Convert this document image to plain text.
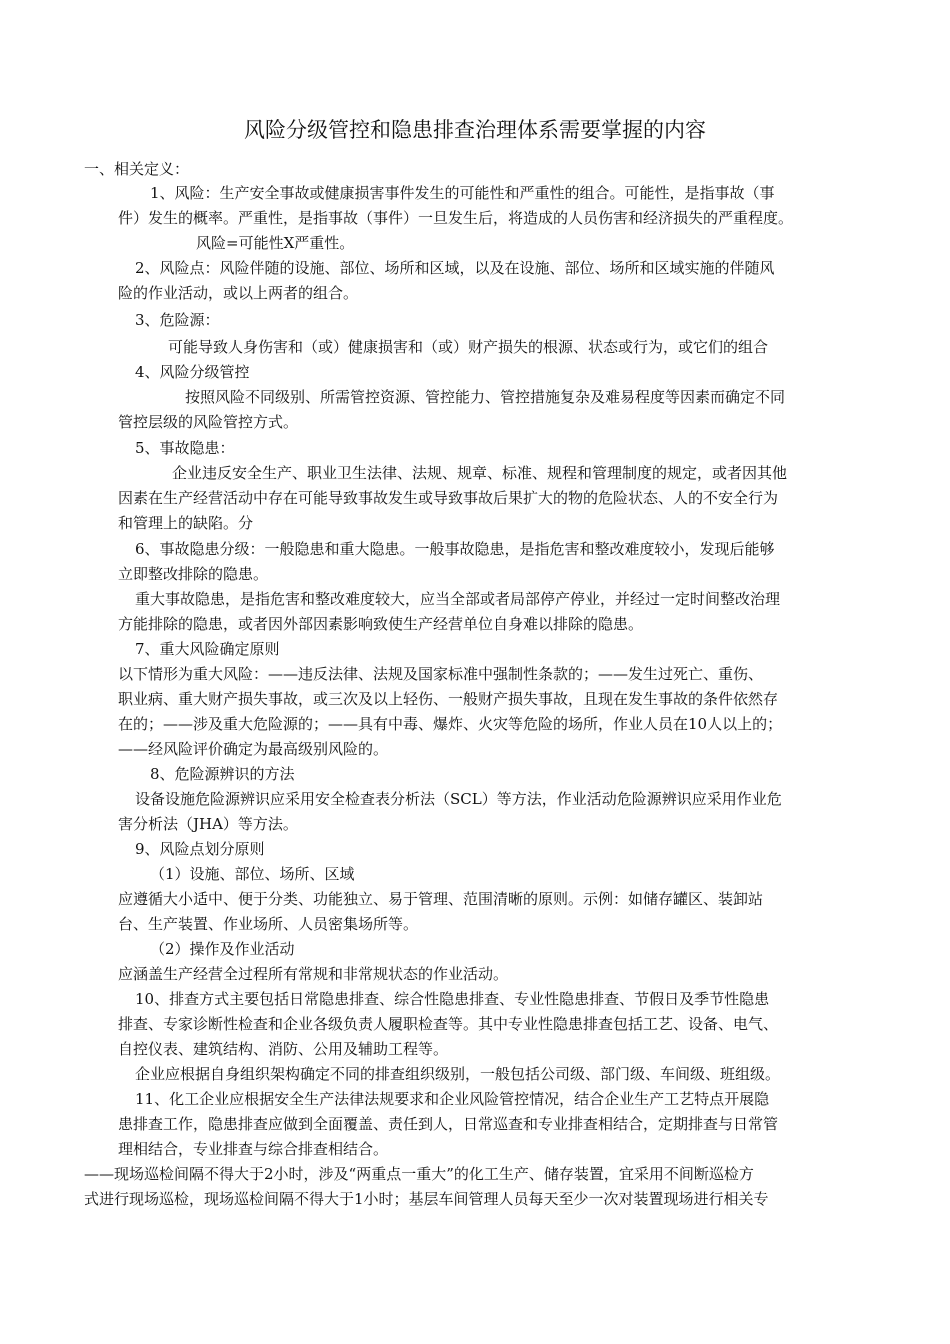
风险分级管控和隐患排查治理体系需要掌握的内容
一、相关定义：
1、风险：生产安全事故或健康损害事件发生的可能性和严重性的组合。可能性，是指事故（事
件）发生的概率。严重性，是指事故（事件）一旦发生后，将造成的人员伤害和经济损失的严重程度。
风险=可能性X严重性。
2、风险点：风险伴随的设施、部位、场所和区域，以及在设施、部位、场所和区域实施的伴随风
险的作业活动，或以上两者的组合。
3、危险源：
可能导致人身伤害和（或）健康损害和（或）财产损失的根源、状态或行为，或它们的组合
4、风险分级管控
按照风险不同级别、所需管控资源、管控能力、管控措施复杂及难易程度等因素而确定不同
管控层级的风险管控方式。
5、事故隐患：
企业违反安全生产、职业卫生法律、法规、规章、标准、规程和管理制度的规定，或者因其他
因素在生产经营活动中存在可能导致事故发生或导致事故后果扩大的物的危险状态、人的不安全行为
和管理上的缺陷。分
6、事故隐患分级：一般隐患和重大隐患。一般事故隐患，是指危害和整改难度较小，发现后能够
立即整改排除的隐患。
重大事故隐患，是指危害和整改难度较大，应当全部或者局部停产停业，并经过一定时间整改治理
方能排除的隐患，或者因外部因素影响致使生产经营单位自身难以排除的隐患。
7、重大风险确定原则
以下情形为重大风险：——违反法律、法规及国家标准中强制性条款的；——发生过死亡、重伤、
职业病、重大财产损失事故，或三次及以上轻伤、一般财产损失事故，且现在发生事故的条件依然存
在的；——涉及重大危险源的；——具有中毒、爆炸、火灾等危险的场所，作业人员在10人以上的；
——经风险评价确定为最高级别风险的。
8、危险源辨识的方法
设备设施危险源辨识应采用安全检查表分析法（SCL）等方法，作业活动危险源辨识应采用作业危
害分析法（JHA）等方法。
9、风险点划分原则
（1）设施、部位、场所、区域
应遵循大小适中、便于分类、功能独立、易于管理、范围清晰的原则。示例：如储存罐区、装卸站
台、生产装置、作业场所、人员密集场所等。
（2）操作及作业活动
应涵盖生产经营全过程所有常规和非常规状态的作业活动。
10、排查方式主要包括日常隐患排查、综合性隐患排查、专业性隐患排查、节假日及季节性隐患
排查、专家诊断性检查和企业各级负责人履职检查等。其中专业性隐患排查包括工艺、设备、电气、
自控仪表、建筑结构、消防、公用及辅助工程等。
企业应根据自身组织架构确定不同的排查组织级别，一般包括公司级、部门级、车间级、班组级。
11、化工企业应根据安全生产法律法规要求和企业风险管控情况，结合企业生产工艺特点开展隐
患排查工作，隐患排查应做到全面覆盖、责任到人，日常巡查和专业排查相结合，定期排查与日常管
理相结合，专业排查与综合排查相结合。
——现场巡检间隔不得大于2小时，涉及“两重点一重大”的化工生产、储存装置，宜采用不间断巡检方
式进行现场巡检，现场巡检间隔不得大于1小时；基层车间管理人员每天至少一次对装置现场进行相关专
